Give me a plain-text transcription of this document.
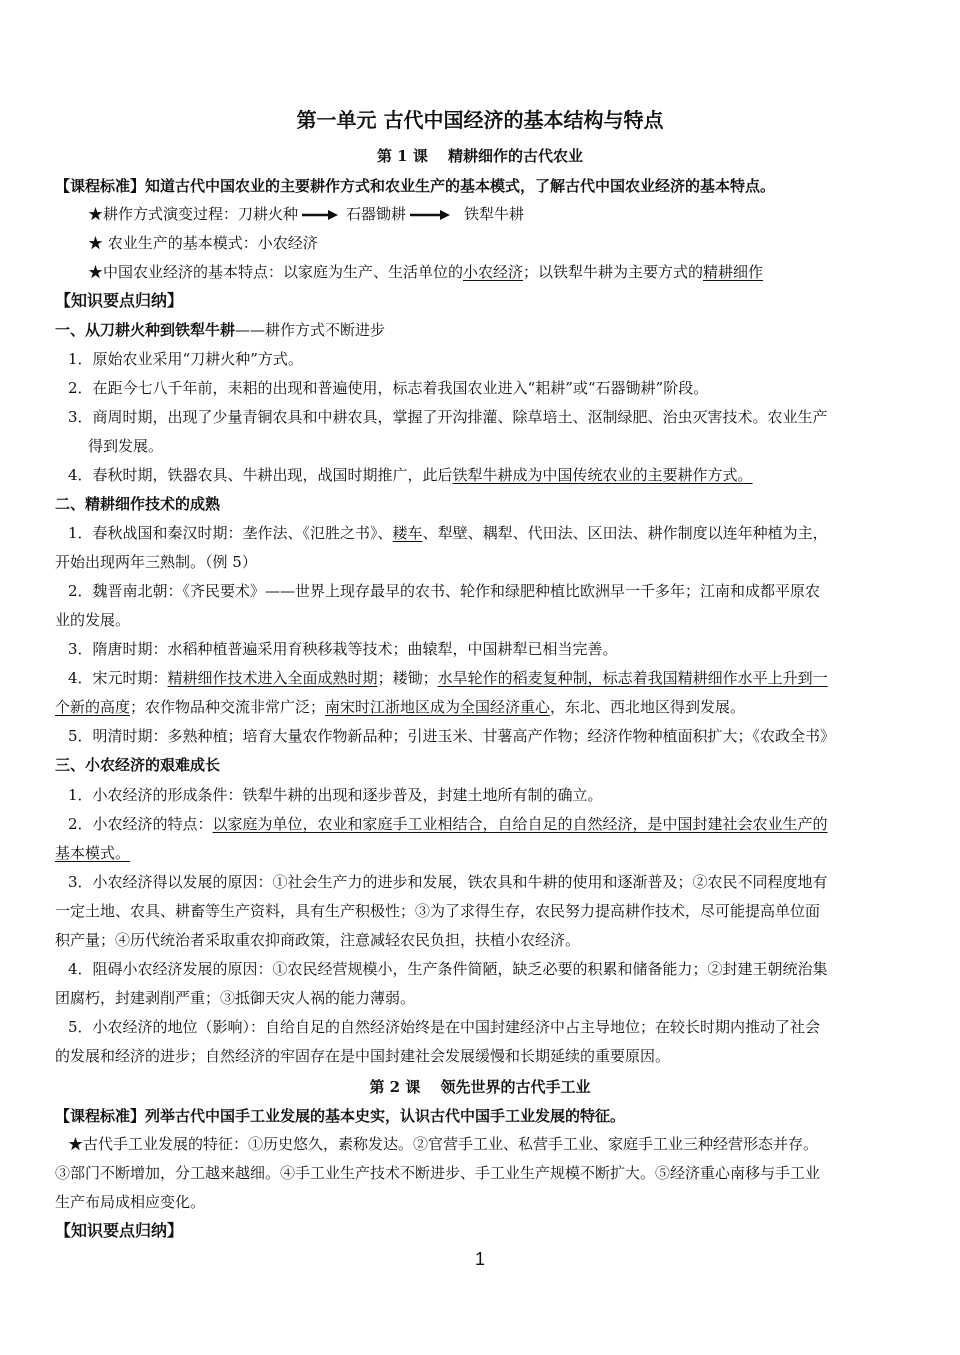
第一单元 古代中国经济的基本结构与特点
第 1 课　 精耕细作的古代农业
【课程标准】知道古代中国农业的主要耕作方式和农业生产的基本模式，了解古代中国农业经济的基本特点。
★耕作方式演变过程：刀耕火种	石器锄耕	铁犁牛耕
★ 农业生产的基本模式：小农经济
★中国农业经济的基本特点：以家庭为生产、生活单位的小农经济；以铁犁牛耕为主要方式的精耕细作
【知识要点归纳】
一、从刀耕火种到铁犁牛耕——耕作方式不断进步
1．原始农业采用“刀耕火种”方式。
2．在距今七八千年前，耒耜的出现和普遍使用，标志着我国农业进入“耜耕”或“石器锄耕”阶段。
3．商周时期，出现了少量青铜农具和中耕农具，掌握了开沟排灌、除草培土、沤制绿肥、治虫灭害技术。农业生产
得到发展。
4．春秋时期，铁器农具、牛耕出现，战国时期推广，此后铁犁牛耕成为中国传统农业的主要耕作方式。
二、精耕细作技术的成熟
1．春秋战国和秦汉时期：垄作法、《氾胜之书》、耧车、犁壁、耦犁、代田法、区田法、耕作制度以连年种植为主，
开始出现两年三熟制。（例 5）
2．魏晋南北朝：《齐民要术》——世界上现存最早的农书、轮作和绿肥种植比欧洲早一千多年；江南和成都平原农
业的发展。
3．隋唐时期：水稻种植普遍采用育秧移栽等技术；曲辕犁，中国耕犁已相当完善。
4．宋元时期：精耕细作技术进入全面成熟时期；耧锄；水旱轮作的稻麦复种制，标志着我国精耕细作水平上升到一
个新的高度；农作物品种交流非常广泛；南宋时江浙地区成为全国经济重心，东北、西北地区得到发展。
5．明清时期：多熟种植；培育大量农作物新品种；引进玉米、甘薯高产作物；经济作物种植面积扩大；《农政全书》
三、小农经济的艰难成长
1．小农经济的形成条件：铁犁牛耕的出现和逐步普及，封建土地所有制的确立。
2．小农经济的特点：以家庭为单位，农业和家庭手工业相结合，自给自足的自然经济，是中国封建社会农业生产的
基本模式。
3．小农经济得以发展的原因：①社会生产力的进步和发展，铁农具和牛耕的使用和逐渐普及；②农民不同程度地有
一定土地、农具、耕畜等生产资料，具有生产积极性；③为了求得生存，农民努力提高耕作技术，尽可能提高单位面
积产量；④历代统治者采取重农抑商政策，注意减轻农民负担，扶植小农经济。
4．阻碍小农经济发展的原因：①农民经营规模小，生产条件简陋，缺乏必要的积累和储备能力；②封建王朝统治集
团腐朽，封建剥削严重；③抵御天灾人祸的能力薄弱。
5．小农经济的地位（影响）：自给自足的自然经济始终是在中国封建经济中占主导地位；在较长时期内推动了社会
的发展和经济的进步；自然经济的牢固存在是中国封建社会发展缓慢和长期延续的重要原因。
第 2 课　 领先世界的古代手工业
【课程标准】列举古代中国手工业发展的基本史实，认识古代中国手工业发展的特征。
★古代手工业发展的特征：①历史悠久，素称发达。②官营手工业、私营手工业、家庭手工业三种经营形态并存。
③部门不断增加，分工越来越细。④手工业生产技术不断进步、手工业生产规模不断扩大。⑤经济重心南移与手工业
生产布局成相应变化。
【知识要点归纳】
1
